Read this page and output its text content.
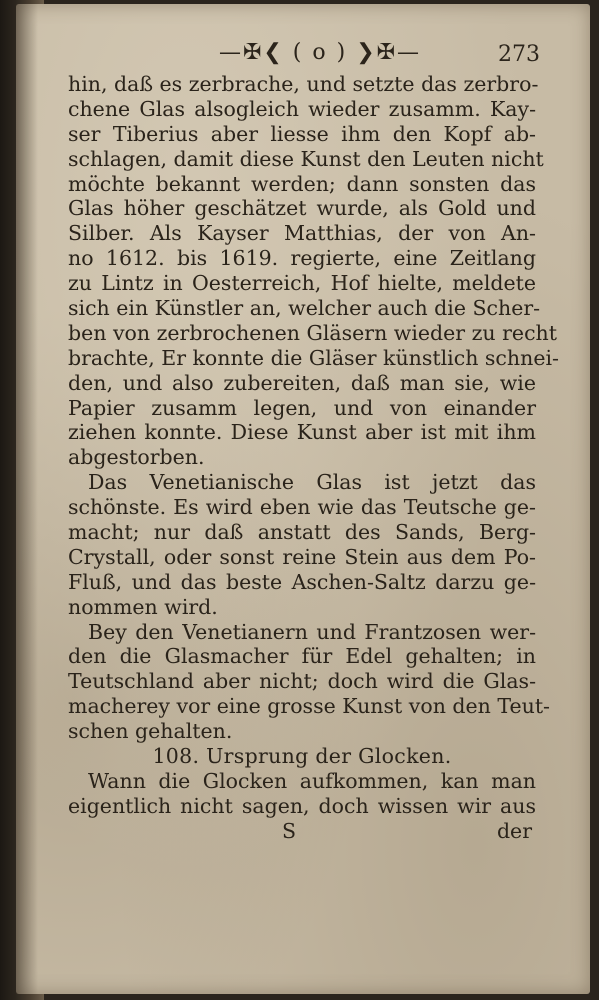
—✠❮ ( o ) ❯✠—	273
hin, daß es zerbrache, und setzte das zerbro-
chene Glas alsogleich wieder zusamm. Kay-
ser Tiberius aber liesse ihm den Kopf ab-
schlagen, damit diese Kunst den Leuten nicht
möchte bekannt werden; dann sonsten das
Glas höher geschätzet wurde, als Gold und
Silber. Als Kayser Matthias, der von An-
no 1612. bis 1619. regierte, eine Zeitlang
zu Lintz in Oesterreich, Hof hielte, meldete
sich ein Künstler an, welcher auch die Scher-
ben von zerbrochenen Gläsern wieder zu recht
brachte, Er konnte die Gläser künstlich schnei-
den, und also zubereiten, daß man sie, wie
Papier zusamm legen, und von einander
ziehen konnte. Diese Kunst aber ist mit ihm
abgestorben.
Das Venetianische Glas ist jetzt das
schönste. Es wird eben wie das Teutsche ge-
macht; nur daß anstatt des Sands, Berg-
Crystall, oder sonst reine Stein aus dem Po-
Fluß, und das beste Aschen-Saltz darzu ge-
nommen wird.
Bey den Venetianern und Frantzosen wer-
den die Glasmacher für Edel gehalten; in
Teutschland aber nicht; doch wird die Glas-
macherey vor eine grosse Kunst von den Teut-
schen gehalten.
108. Ursprung der Glocken.
Wann die Glocken aufkommen, kan man
eigentlich nicht sagen, doch wissen wir aus
S	der
